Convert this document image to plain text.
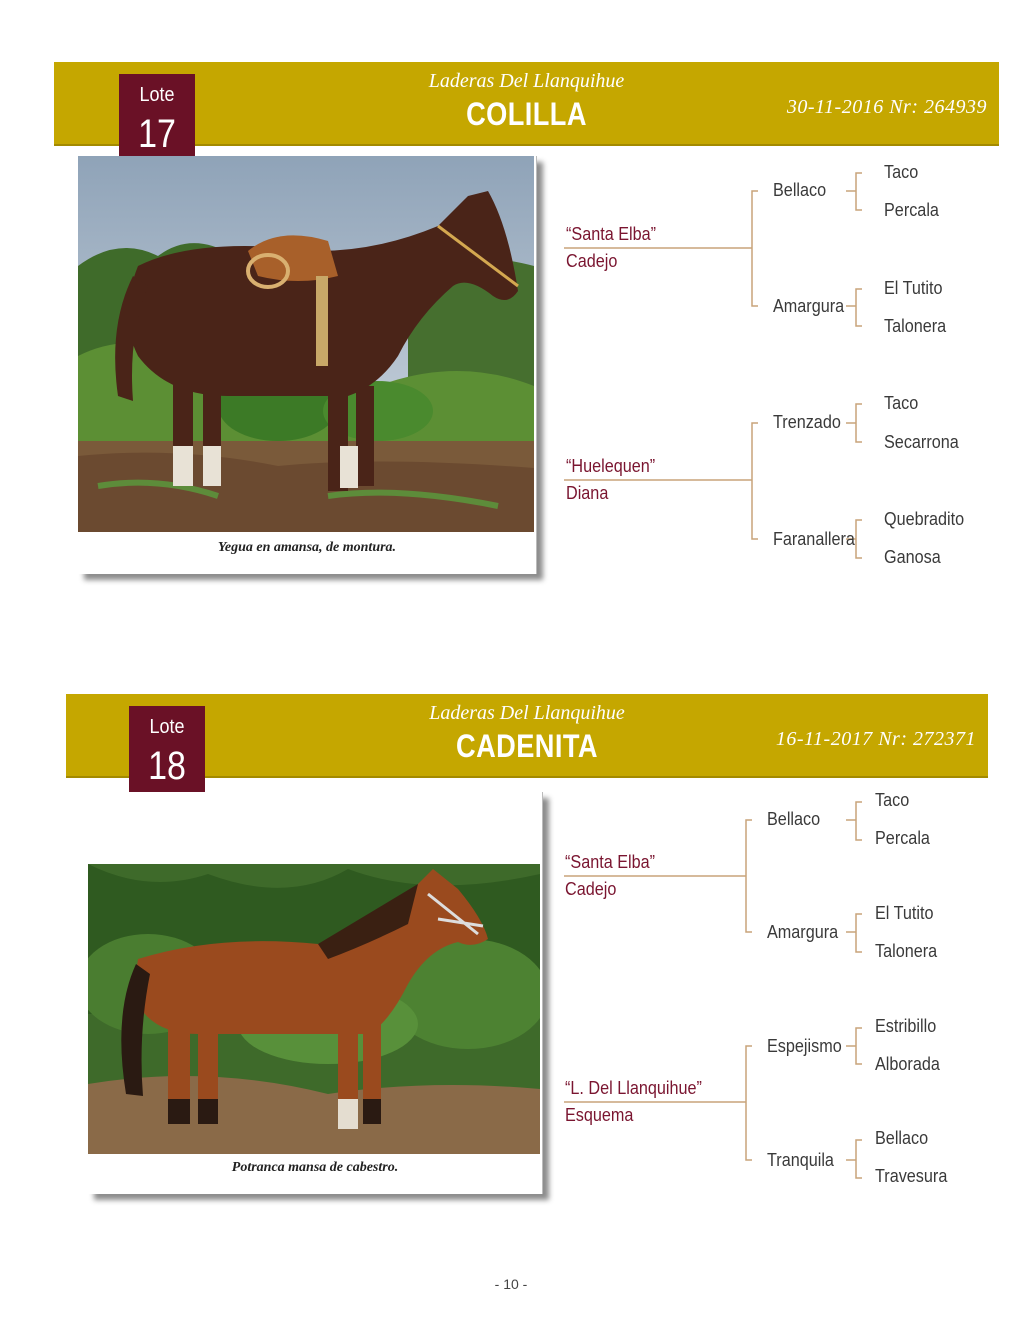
Laderas Del Llanquihue
COLILLA	30-11-2016 Nr: 264939
Lote
17
Yegua en amansa, de montura.
“Santa Elba”
Cadejo
Bellaco
Taco
Percala
Amargura
El Tutito
Talonera
“Huelequen”
Diana
Trenzado
Taco
Secarrona
Faranallera
Quebradito
Ganosa
Laderas Del Llanquihue
CADENITA	16-11-2017 Nr: 272371
Lote
18
Potranca mansa de cabestro.
“Santa Elba”
Cadejo
Bellaco
Taco
Percala
Amargura
El Tutito
Talonera
“L. Del Llanquihue”
Esquema
Espejismo
Estribillo
Alborada
Tranquila
Bellaco
Travesura
- 10 -
